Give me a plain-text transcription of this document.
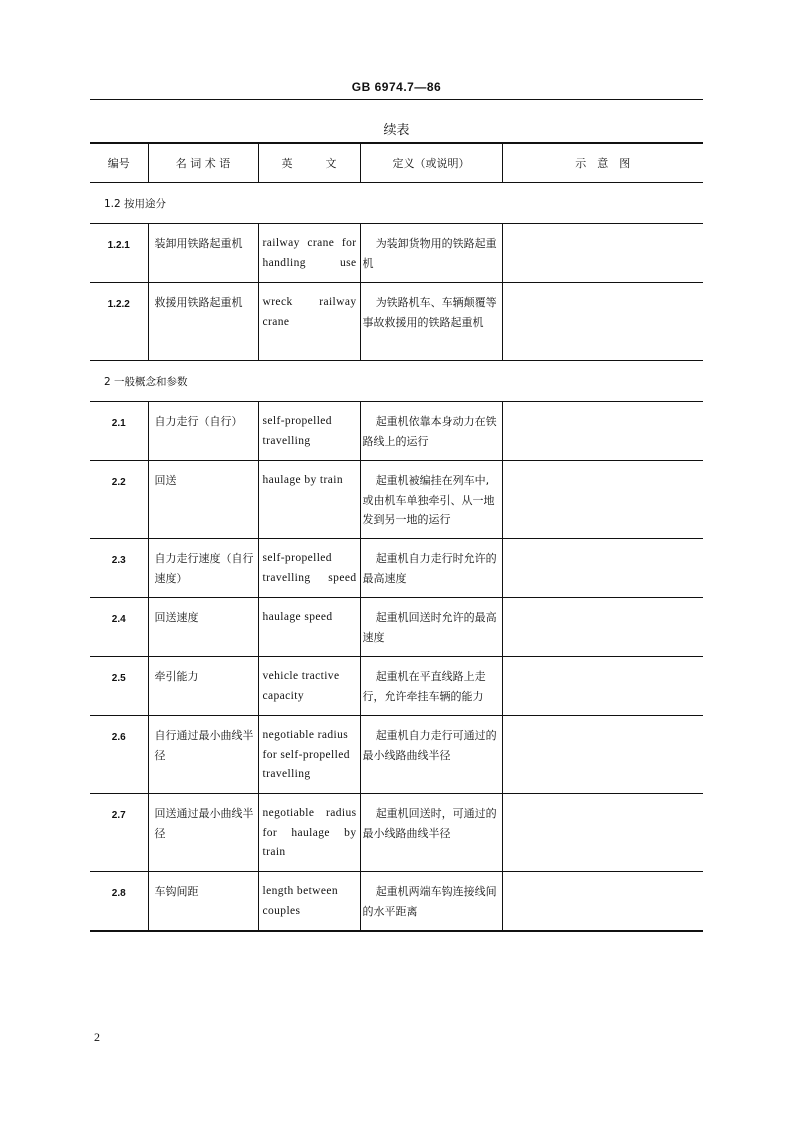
GB 6974.7—86
续表
编号	名 词 术 语	英　　　文	定义（或说明）	示　意　图
1.2 按用途分				
1.2.1	装卸用铁路起重机	railway crane for handling use	为装卸货物用的铁路起重机	
1.2.2	救援用铁路起重机	wreck railway crane	为铁路机车、车辆颠覆等事故救援用的铁路起重机	
2 一般概念和参数				
2.1	自力走行（自行）	self-propelled travelling	起重机依靠本身动力在铁路线上的运行	
2.2	回送	haulage by train	起重机被编挂在列车中,或由机车单独牵引、从一地发到另一地的运行	
2.3	自力走行速度（自行速度）	self-propelled travelling speed	起重机自力走行时允许的最高速度	
2.4	回送速度	haulage speed	起重机回送时允许的最高速度	
2.5	牵引能力	vehicle tractive capacity	起重机在平直线路上走行，允许牵挂车辆的能力	
2.6	自行通过最小曲线半径	negotiable radius for self-propelled travelling	起重机自力走行可通过的最小线路曲线半径	
2.7	回送通过最小曲线半径	negotiable radius for haulage by train	起重机回送时，可通过的最小线路曲线半径	
2.8	车钩间距	length between couples	起重机两端车钩连接线间的水平距离	
2
